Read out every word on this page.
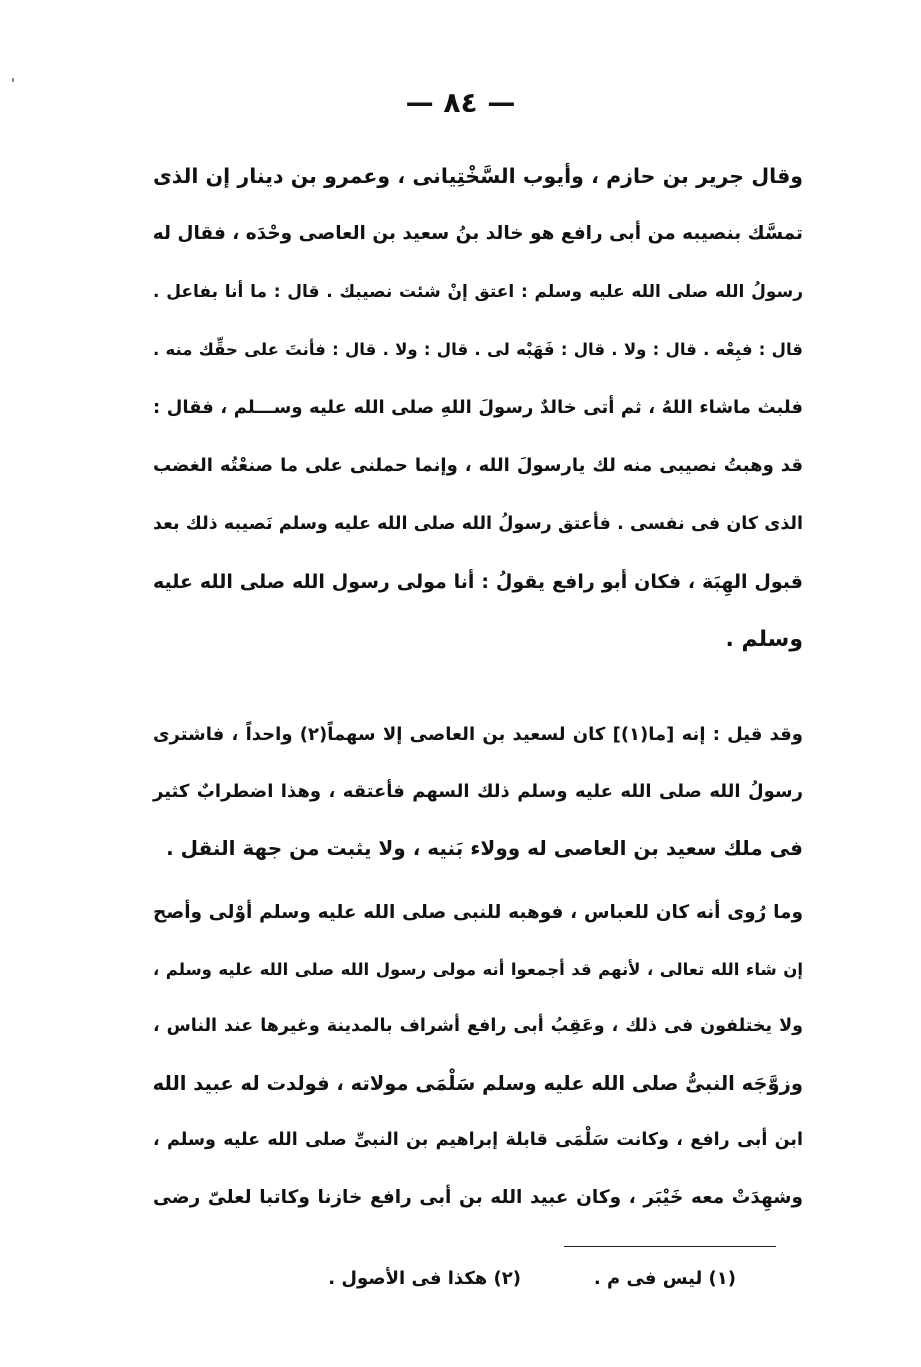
— ٨٤ —
وقال جرير بن حازم ، وأيوب السَّخْتِيانى ، وعمرو بن دينار إن الذى
تمسَّك بنصيبه من أبى رافع هو خالد بنُ سعيد بن العاصى وحْدَه ، فقال له
رسولُ الله صلى الله عليه وسلم : اعتق إنْ شئت نصيبك . قال : ما أنا بفاعل .
قال : فبِعْه . قال : ولا . قال : فَهَبْه لى . قال : ولا . قال : فأنتَ على حقِّك منه .
فلبث ماشاء اللهُ ، ثم أتى خالدٌ رسولَ اللهِ صلى الله عليه وســـلم ، فقال :
قد وهبتُ نصيبى منه لك يارسولَ الله ، وإنما حملنى على ما صنعْتُه الغضب
الذى كان فى نفسى . فأعتق رسولُ الله صلى الله عليه وسلم نَصيبه ذلك بعد
قبول الهِبَة ، فكان أبو رافع يقولُ : أنا مولى رسول الله صلى الله عليه
وسلم .
وقد قيل : إنه [ما(١)] كان لسعيد بن العاصى إلا سهماً(٢) واحداً ، فاشترى
رسولُ الله صلى الله عليه وسلم ذلك السهم فأعتقه ، وهذا اضطرابٌ كثير
فى ملك سعيد بن العاصى له وولاء بَنيه ، ولا يثبت من جهة النقل .
وما رُوى أنه كان للعباس ، فوهبه للنبى صلى الله عليه وسلم أوْلى وأصح
إن شاء الله تعالى ، لأنهم قد أجمعوا أنه مولى رسول الله صلى الله عليه وسلم ،
ولا يختلفون فى ذلك ، وعَقِبُ أبى رافع أشراف بالمدينة وغيرها عند الناس ،
وزوَّجَه النبىُّ صلى الله عليه وسلم سَلْمَى مولاته ، فولدت له عبيد الله
ابن أبى رافع ، وكانت سَلْمَى قابلة إبراهيم بن النبىِّ صلى الله عليه وسلم ،
وشهِدَتْ معه خَيْبَر ، وكان عبيد الله بن أبى رافع خازنا وكاتبا لعلىّ رضى
(١) ليس فى م .
(٢) هكذا فى الأصول .
